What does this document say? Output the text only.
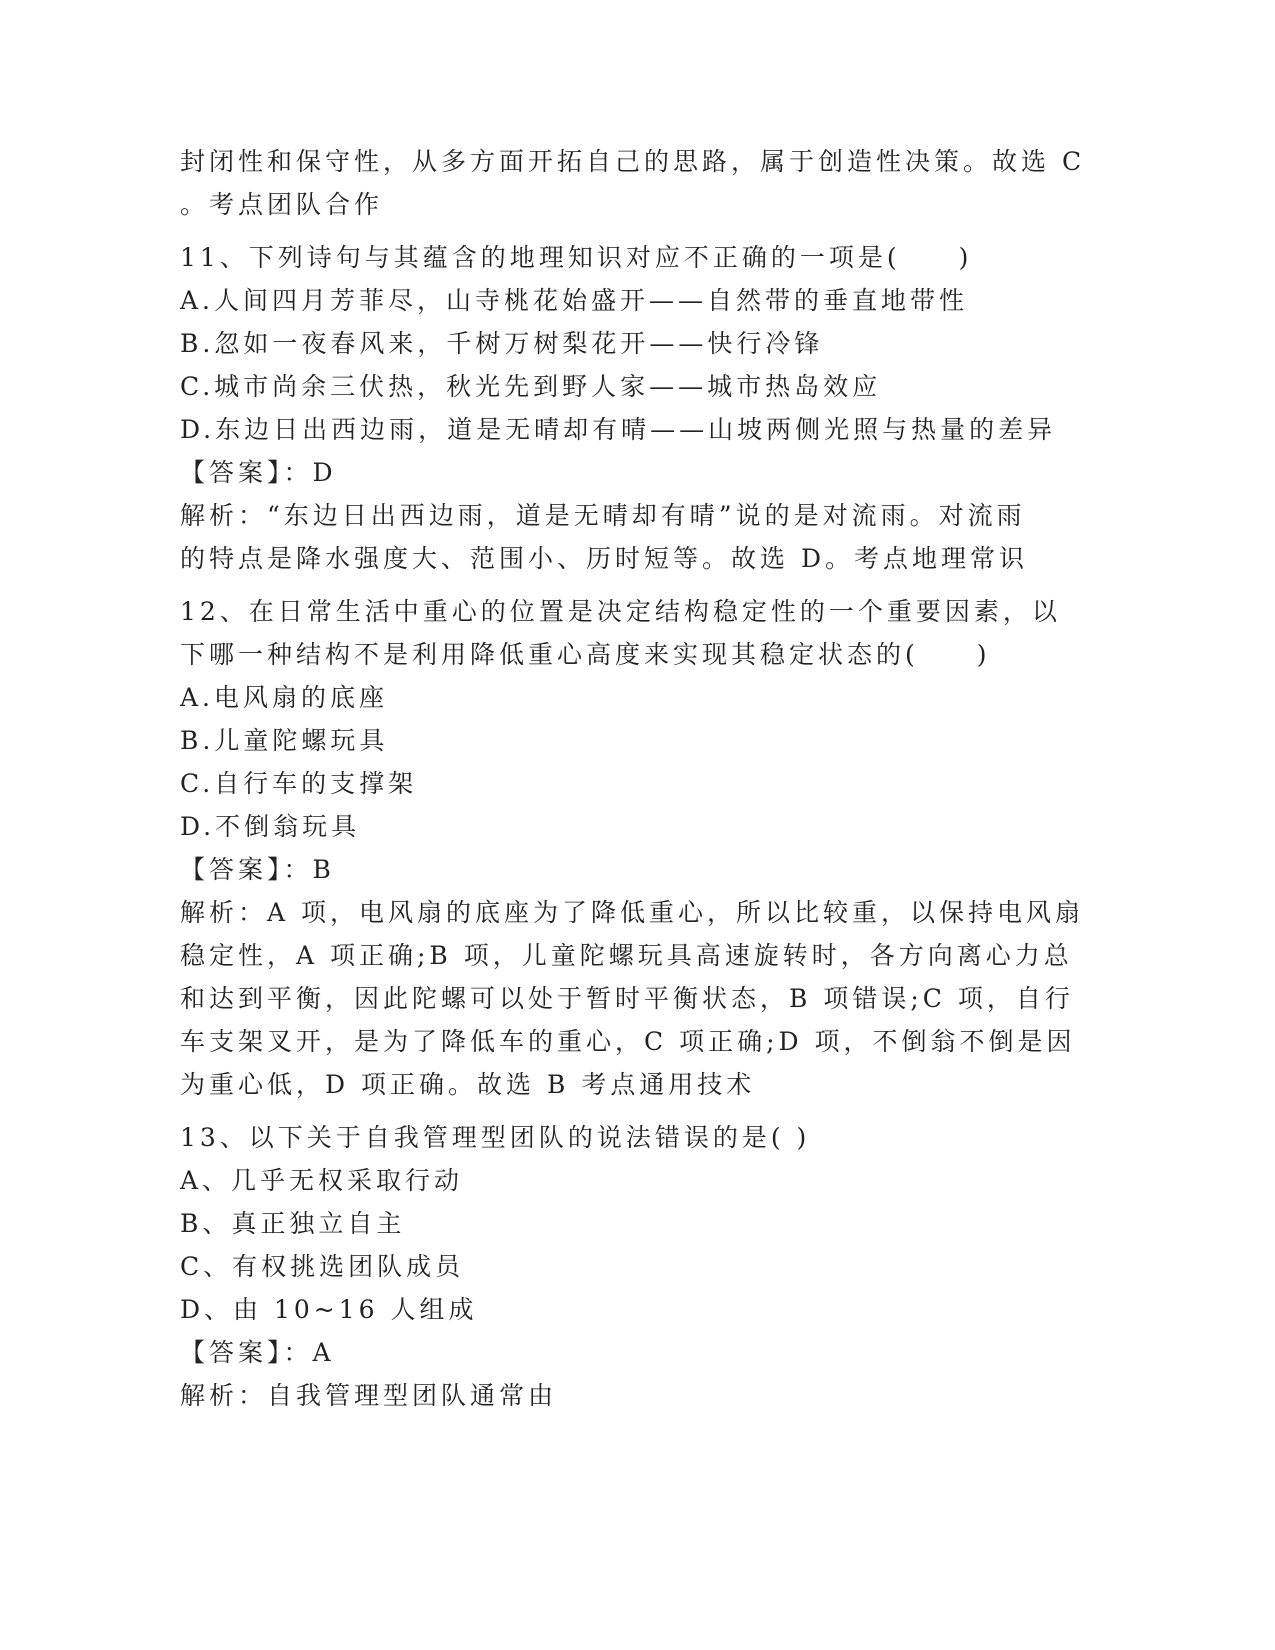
封闭性和保守性，从多方面开拓自己的思路，属于创造性决策。故选 C
。考点团队合作
11、下列诗句与其蕴含的地理知识对应不正确的一项是(　　)
A.人间四月芳菲尽，山寺桃花始盛开——自然带的垂直地带性
B.忽如一夜春风来，千树万树梨花开——快行冷锋
C.城市尚余三伏热，秋光先到野人家——城市热岛效应
D.东边日出西边雨，道是无晴却有晴——山坡两侧光照与热量的差异
【答案】：D
解析：“东边日出西边雨，道是无晴却有晴”说的是对流雨。对流雨
的特点是降水强度大、范围小、历时短等。故选 D。考点地理常识
12、在日常生活中重心的位置是决定结构稳定性的一个重要因素，以
下哪一种结构不是利用降低重心高度来实现其稳定状态的(　　)
A.电风扇的底座
B.儿童陀螺玩具
C.自行车的支撑架
D.不倒翁玩具
【答案】：B
解析：A 项，电风扇的底座为了降低重心，所以比较重，以保持电风扇
稳定性，A 项正确;B 项，儿童陀螺玩具高速旋转时，各方向离心力总
和达到平衡，因此陀螺可以处于暂时平衡状态，B 项错误;C 项，自行
车支架叉开，是为了降低车的重心，C 项正确;D 项，不倒翁不倒是因
为重心低，D 项正确。故选 B 考点通用技术
13、以下关于自我管理型团队的说法错误的是( )
A、几乎无权采取行动
B、真正独立自主
C、有权挑选团队成员
D、由 10~16 人组成
【答案】：A
解析：自我管理型团队通常由
